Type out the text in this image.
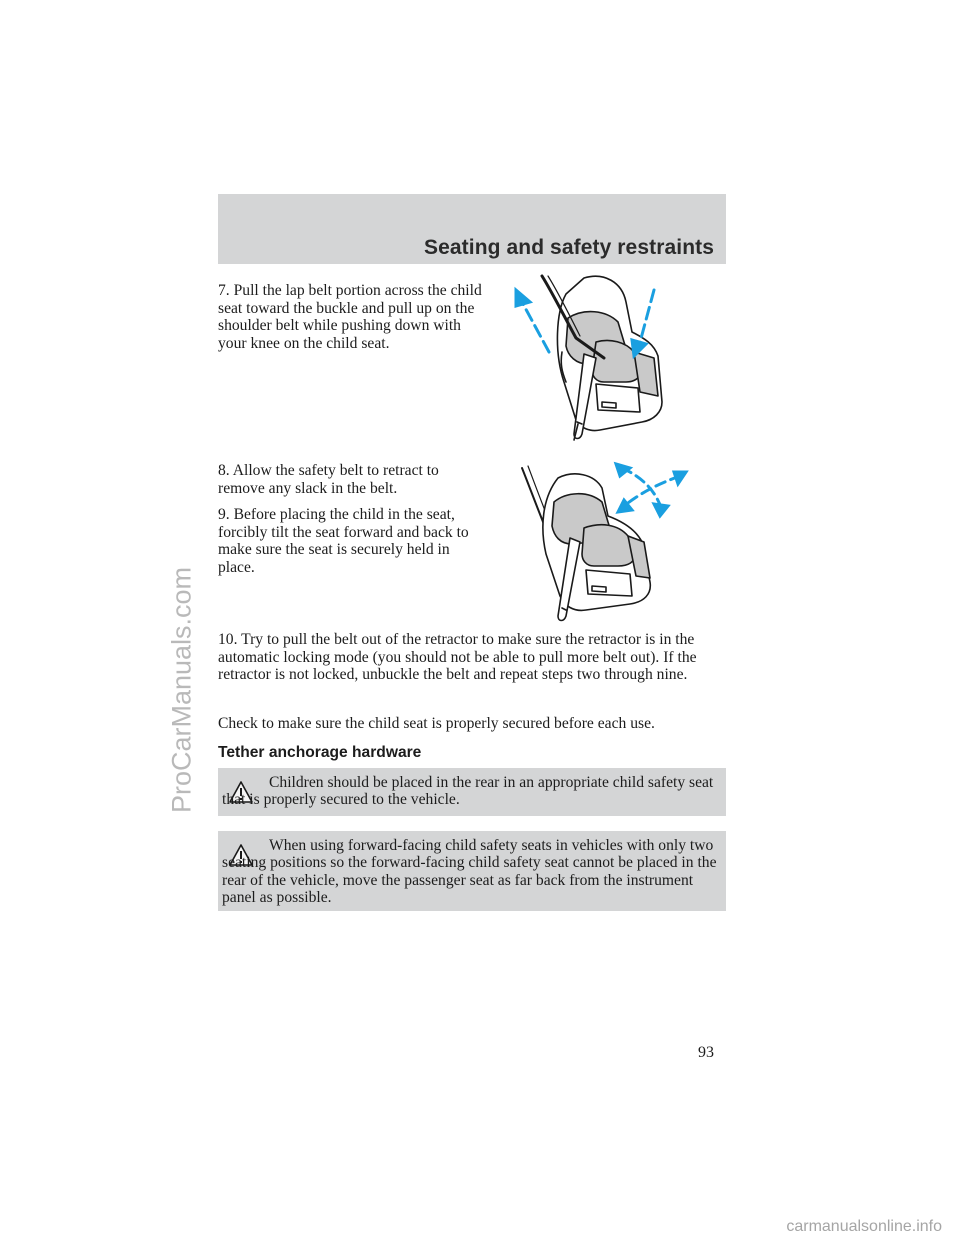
Seating and safety restraints
ProCarManuals.com

7. Pull the lap belt portion across the child seat toward the buckle and pull up on the shoulder belt while pushing down with your knee on the child seat.

8. Allow the safety belt to retract to remove any slack in the belt.

9. Before placing the child in the seat, forcibly tilt the seat forward and back to make sure the seat is securely held in place.

10. Try to pull the belt out of the retractor to make sure the retractor is in the automatic locking mode (you should not be able to pull more belt out). If the retractor is not locked, unbuckle the belt and repeat steps two through nine.

Check to make sure the child seat is properly secured before each use.

Tether anchorage hardware

Children should be placed in the rear in an appropriate child safety seat that is properly secured to the vehicle.

When using forward-facing child safety seats in vehicles with only two seating positions so the forward-facing child safety seat cannot be placed in the rear of the vehicle, move the passenger seat as far back from the instrument panel as possible.

93
carmanualsonline.info
